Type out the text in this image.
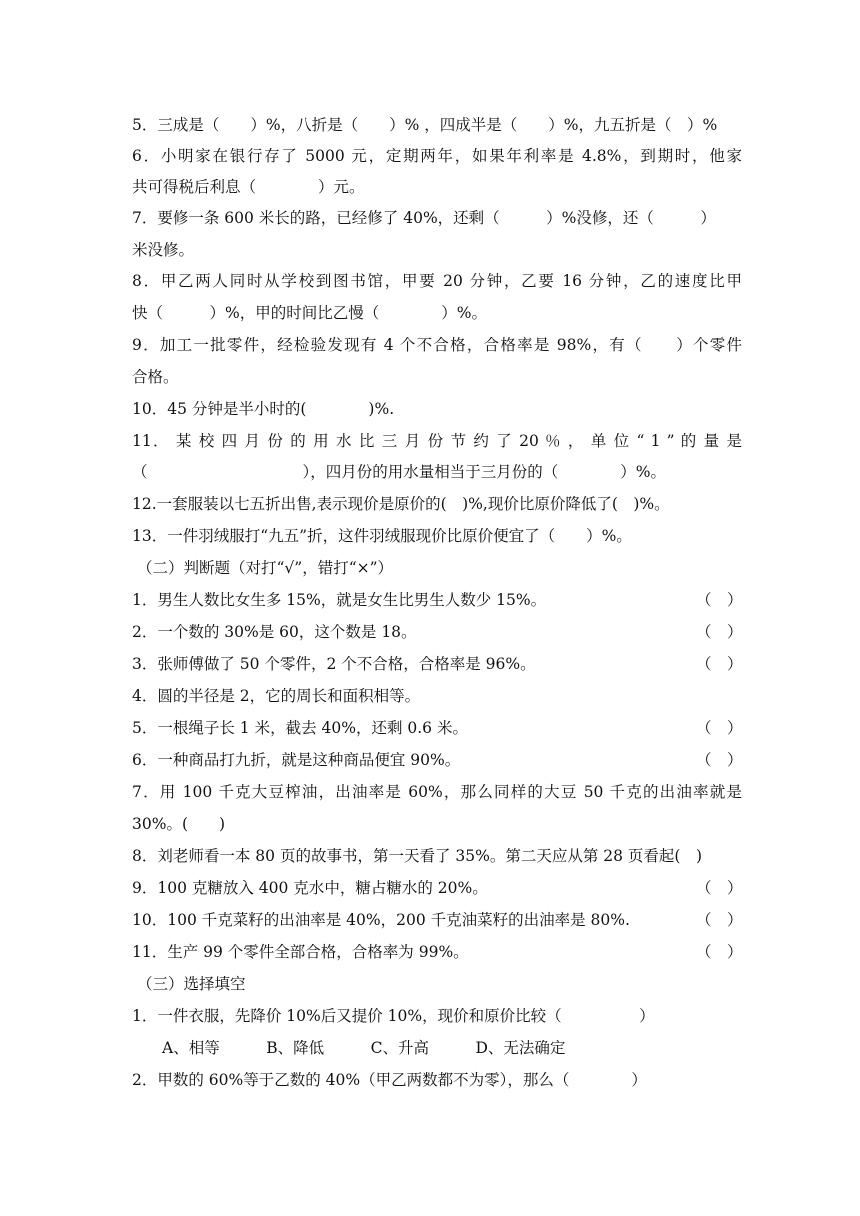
5．三成是（　　）%，八折是（　　）% ，四成半是（　　）%，九五折是（　）%
6．小明家在银行存了 5000 元，定期两年，如果年利率是 4.8%，到期时，他家
共可得税后利息（　　　　）元。
7．要修一条 600 米长的路，已经修了 40%，还剩（　　　）%没修，还（　　　）
米没修。
8．甲乙两人同时从学校到图书馆，甲要 20 分钟，乙要 16 分钟，乙的速度比甲
快（　　　）%，甲的时间比乙慢（　　　　）%。
9．加工一批零件，经检验发现有 4 个不合格，合格率是 98%，有（　　）个零件
合格。
10．45 分钟是半小时的(　　　　)%.
11． 某 校 四 月 份 的 用 水 比 三 月 份 节 约 了 20 ％ ， 单 位 “ 1 ” 的 量 是
（　　　　　　　　　　），四月份的用水量相当于三月份的（　　　　）%。
12.一套服装以七五折出售,表示现价是原价的(　)%,现价比原价降低了(　)%。
13．一件羽绒服打“九五”折，这件羽绒服现价比原价便宜了（　　）%。
（二）判断题（对打“√”，错打“×”）
1．男生人数比女生多 15%，就是女生比男生人数少 15%。	（　）
2．一个数的 30%是 60，这个数是 18。	（　）
3．张师傅做了 50 个零件，2 个不合格，合格率是 96%。	（　）
4．圆的半径是 2，它的周长和面积相等。
5．一根绳子长 1 米，截去 40%，还剩 0.6 米。	（　）
6．一种商品打九折，就是这种商品便宜 90%。	（　）
7．用 100 千克大豆榨油，出油率是 60%，那么同样的大豆 50 千克的出油率就是
30%。(　　)
8．刘老师看一本 80 页的故事书，第一天看了 35%。第二天应从第 28 页看起(　)
9．100 克糖放入 400 克水中，糖占糖水的 20%。	（　）
10．100 千克菜籽的出油率是 40%，200 千克油菜籽的出油率是 80%.	（　）
11．生产 99 个零件全部合格，合格率为 99%。	（　）
（三）选择填空
1．一件衣服，先降价 10%后又提价 10%，现价和原价比较（　　　　　）
A、相等　　　B、降低　　　C、升高　　　D、无法确定
2．甲数的 60%等于乙数的 40%（甲乙两数都不为零），那么（　　　　）
